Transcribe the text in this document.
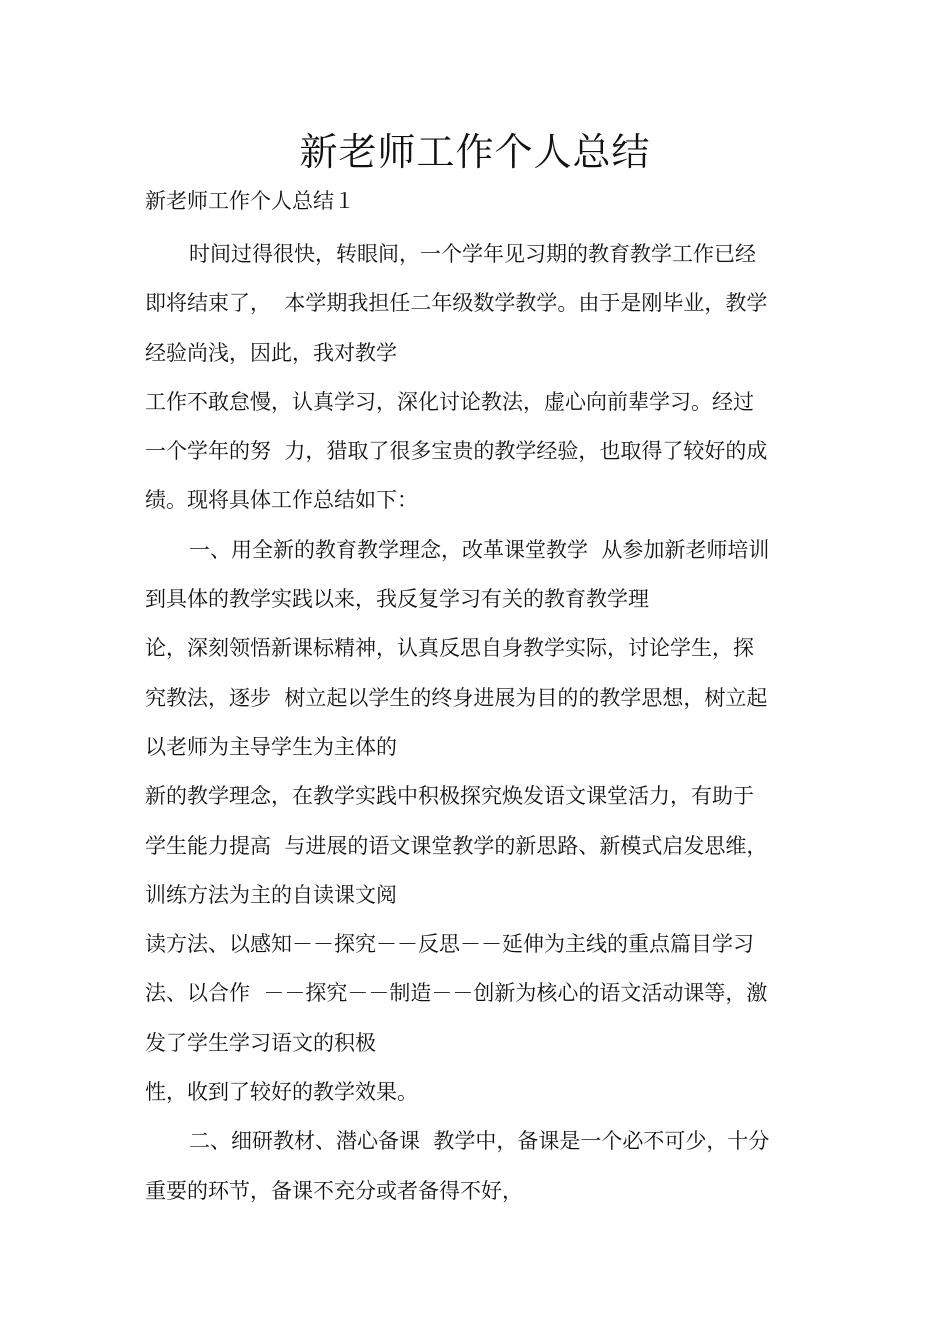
新老师工作个人总结

新老师工作个人总结１

时间过得很快，转眼间，一个学年见习期的教育教学工作已经
即将结束了，  本学期我担任二年级数学教学。由于是刚毕业，教学
经验尚浅，因此，我对教学
工作不敢怠慢，认真学习，深化讨论教法，虚心向前辈学习。经过
一个学年的努  力，猎取了很多宝贵的教学经验，也取得了较好的成
绩。现将具体工作总结如下：
一、用全新的教育教学理念，改革课堂教学  从参加新老师培训
到具体的教学实践以来，我反复学习有关的教育教学理
论，深刻领悟新课标精神，认真反思自身教学实际，讨论学生，探
究教法，逐步  树立起以学生的终身进展为目的的教学思想，树立起
以老师为主导学生为主体的
新的教学理念，在教学实践中积极探究焕发语文课堂活力，有助于
学生能力提高  与进展的语文课堂教学的新思路、新模式启发思维，
训练方法为主的自读课文阅
读方法、以感知－－探究－－反思－－延伸为主线的重点篇目学习
法、以合作  －－探究－－制造－－创新为核心的语文活动课等，激
发了学生学习语文的积极
性，收到了较好的教学效果。
二、细研教材、潜心备课  教学中，备课是一个必不可少，十分
重要的环节，备课不充分或者备得不好，
